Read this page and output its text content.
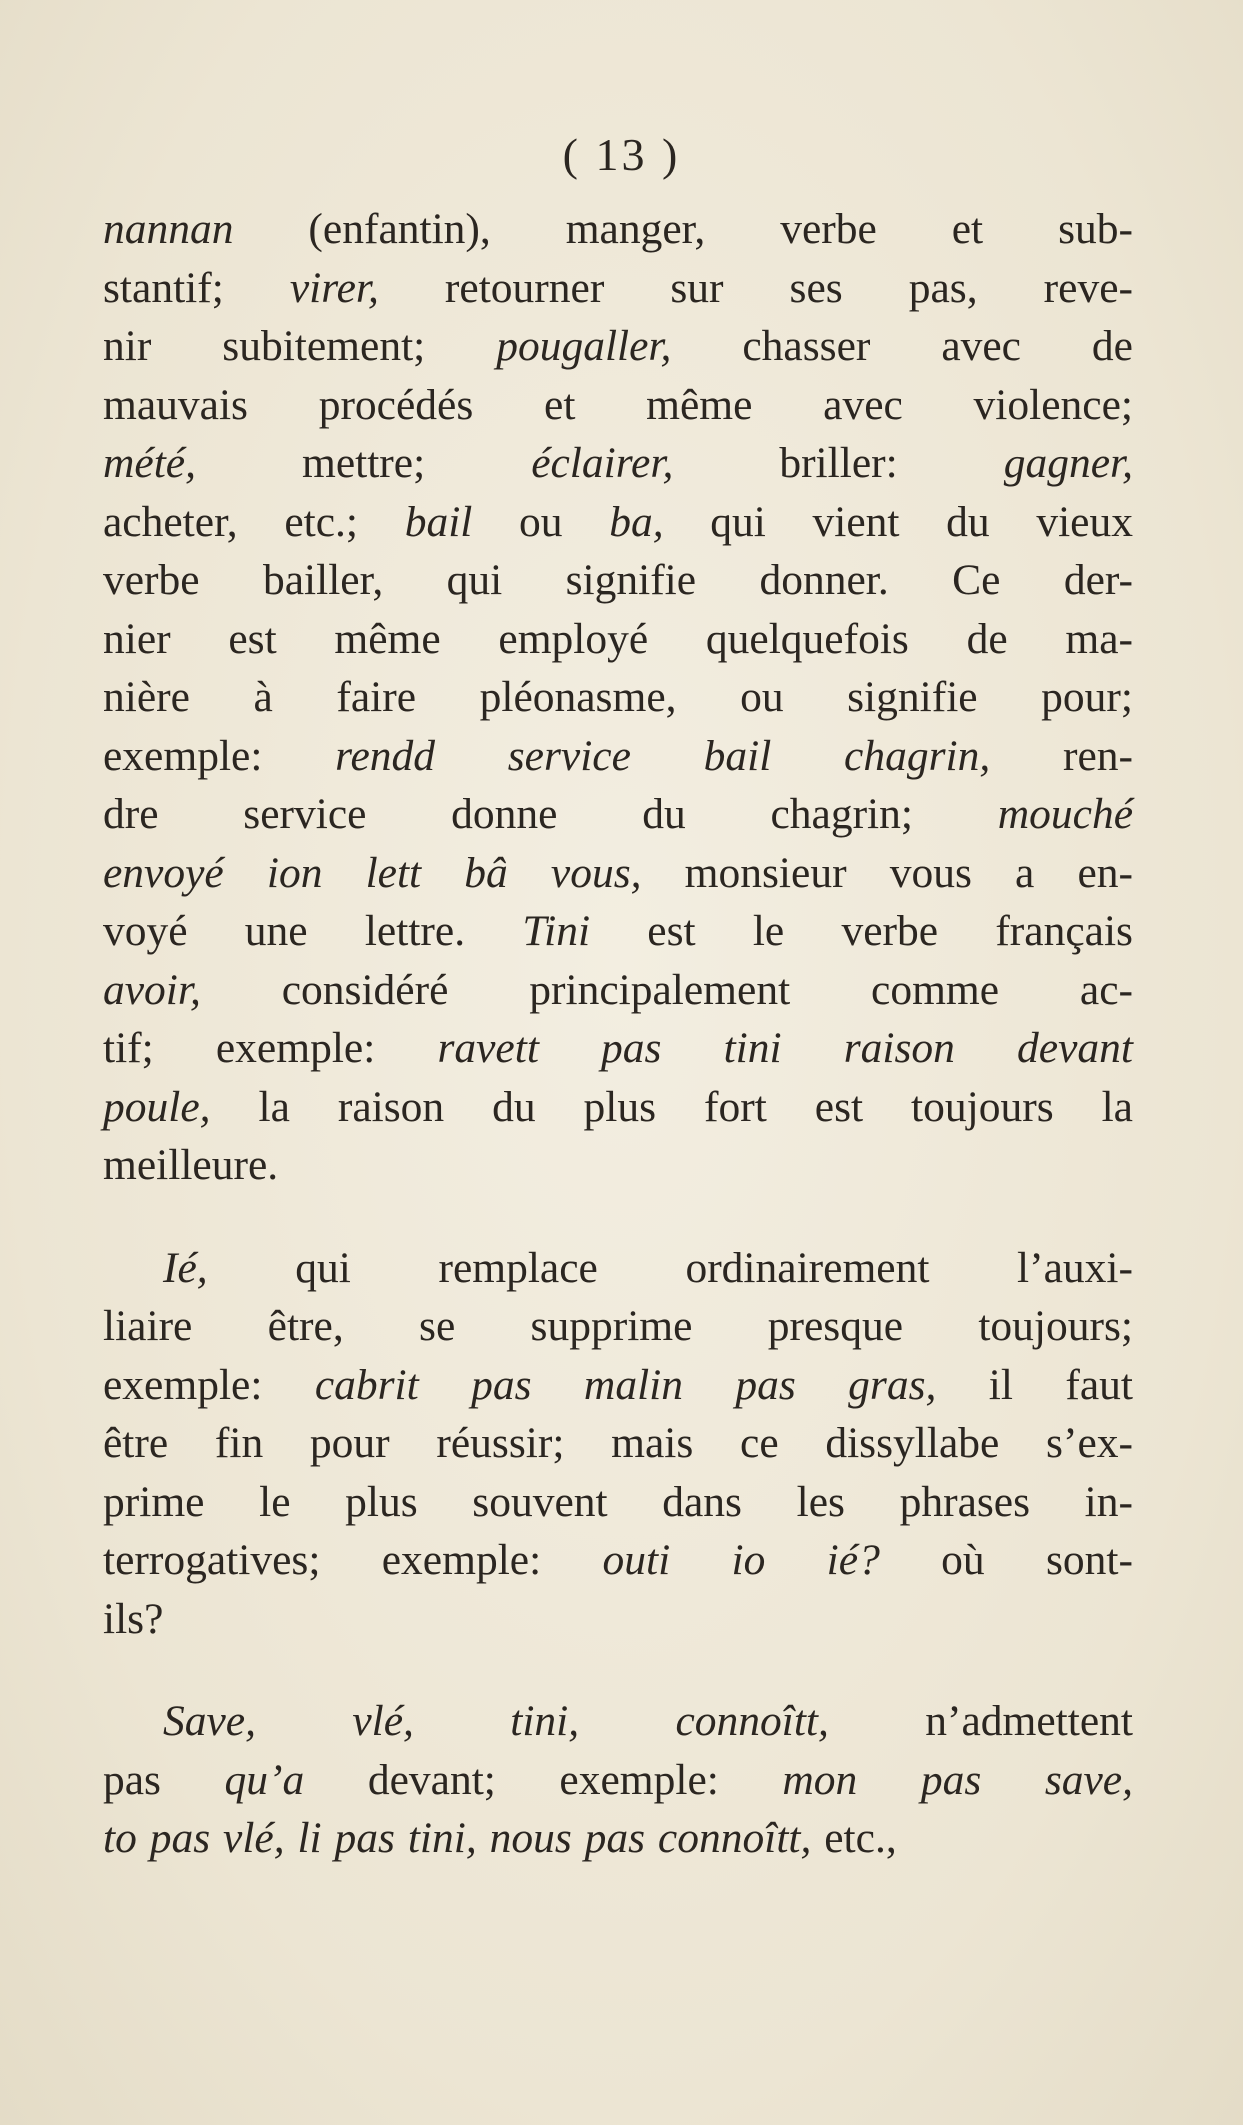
( 13 )
nannan (enfantin), manger, verbe et sub-
stantif; virer, retourner sur ses pas, reve-
nir subitement; pougaller, chasser avec de
mauvais procédés et même avec violence;
mété, mettre; éclairer, briller: gagner,
acheter, etc.; bail ou ba, qui vient du vieux
verbe bailler, qui signifie donner. Ce der-
nier est même employé quelquefois de ma-
nière à faire pléonasme, ou signifie pour;
exemple: rendd service bail chagrin, ren-
dre service donne du chagrin; mouché
envoyé ion lett bâ vous, monsieur vous a en-
voyé une lettre. Tini est le verbe français
avoir, considéré principalement comme ac-
tif; exemple: ravett pas tini raison devant
poule, la raison du plus fort est toujours la
meilleure.
Ié, qui remplace ordinairement l’auxi-
liaire être, se supprime presque toujours;
exemple: cabrit pas malin pas gras, il faut
être fin pour réussir; mais ce dissyllabe s’ex-
prime le plus souvent dans les phrases in-
terrogatives; exemple: outi io ié? où sont-
ils?
Save, vlé, tini, connoîtt, n’admettent
pas qu’a devant; exemple: mon pas save,
to pas vlé, li pas tini, nous pas connoîtt, etc.,
